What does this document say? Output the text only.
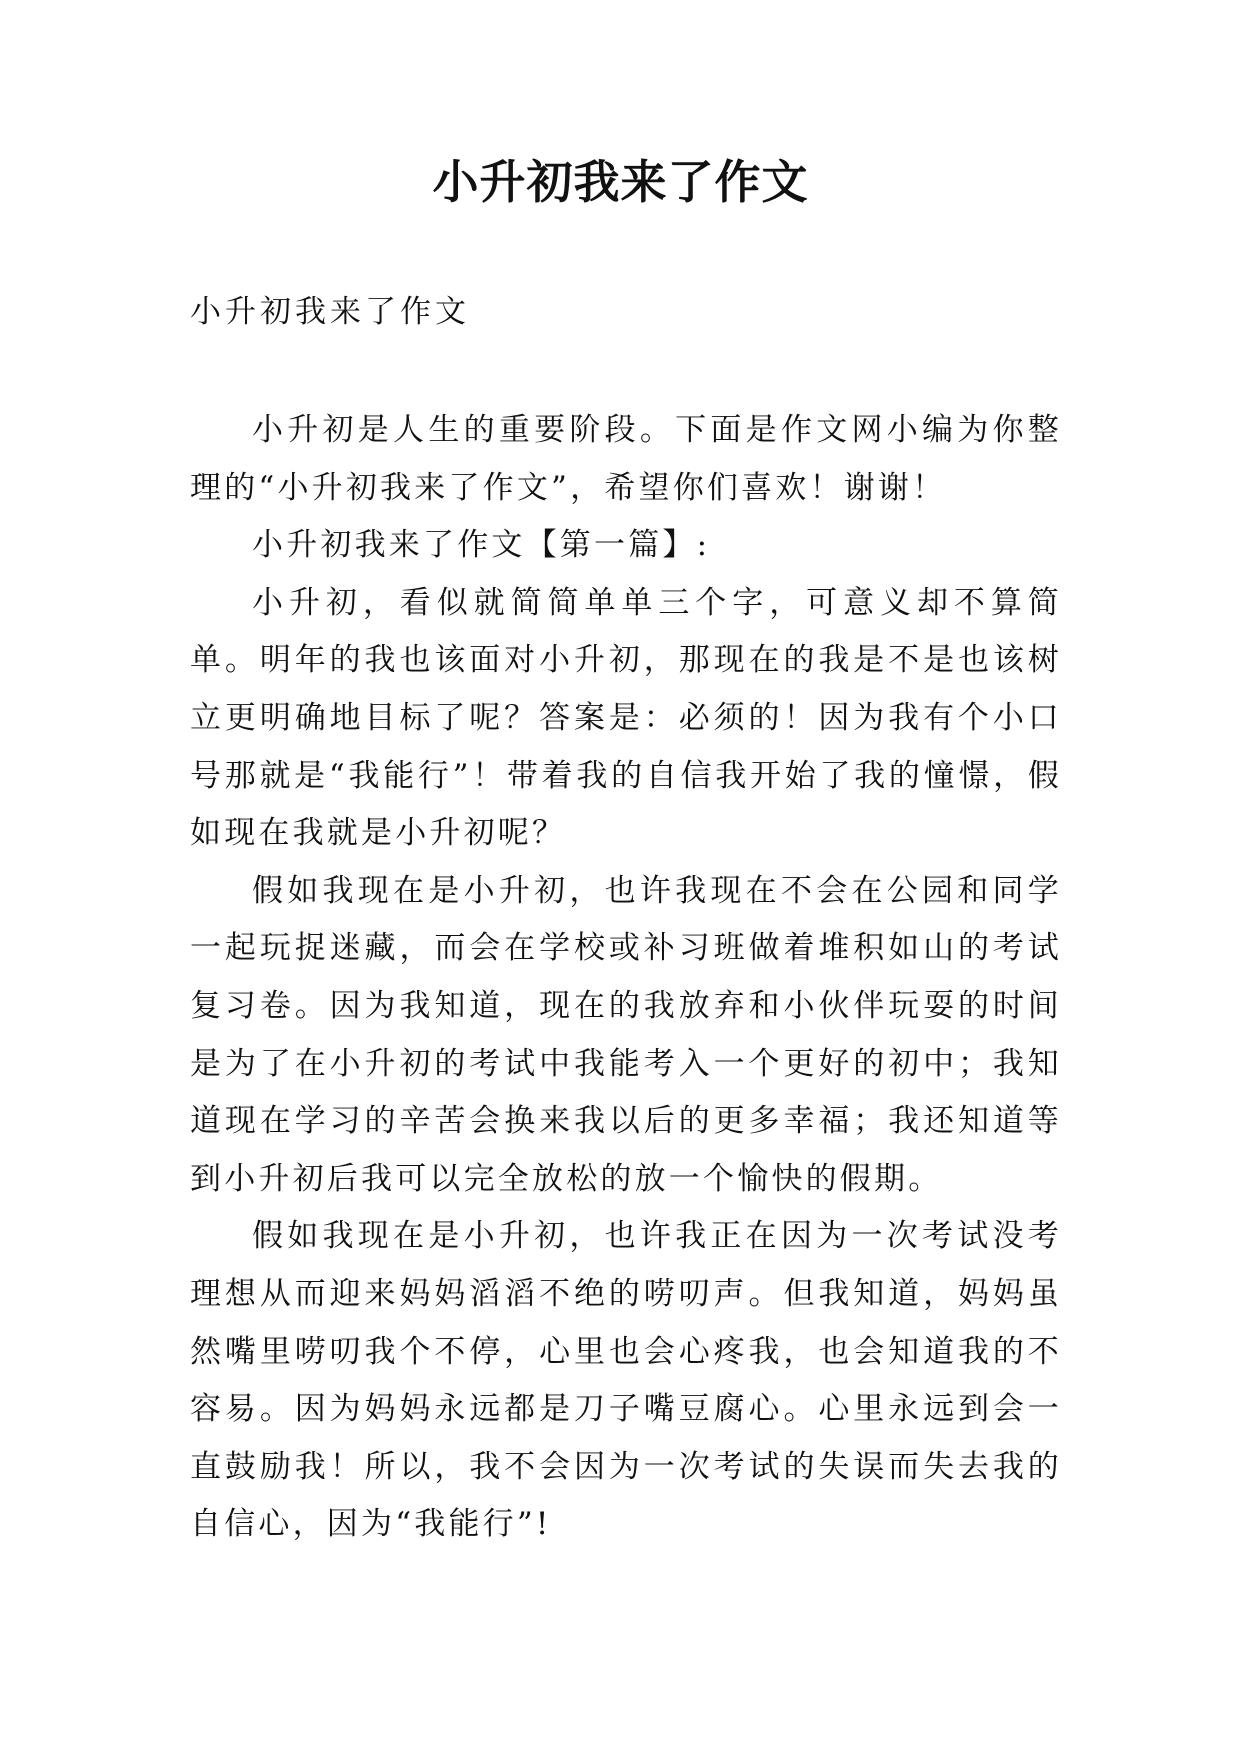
小升初我来了作文
小升初我来了作文

小升初是人生的重要阶段。下面是作文网小编为你整理的“小升初我来了作文”，希望你们喜欢！谢谢！

小升初我来了作文【第一篇】:

小升初，看似就简简单单三个字，可意义却不算简单。明年的我也该面对小升初，那现在的我是不是也该树立更明确地目标了呢？答案是：必须的！因为我有个小口号那就是“我能行”！带着我的自信我开始了我的憧憬，假如现在我就是小升初呢？

假如我现在是小升初，也许我现在不会在公园和同学一起玩捉迷藏，而会在学校或补习班做着堆积如山的考试复习卷。因为我知道，现在的我放弃和小伙伴玩耍的时间是为了在小升初的考试中我能考入一个更好的初中；我知道现在学习的辛苦会换来我以后的更多幸福；我还知道等到小升初后我可以完全放松的放一个愉快的假期。

假如我现在是小升初，也许我正在因为一次考试没考理想从而迎来妈妈滔滔不绝的唠叨声。但我知道，妈妈虽然嘴里唠叨我个不停，心里也会心疼我，也会知道我的不容易。因为妈妈永远都是刀子嘴豆腐心。心里永远到会一直鼓励我！所以，我不会因为一次考试的失误而失去我的自信心，因为“我能行”!
